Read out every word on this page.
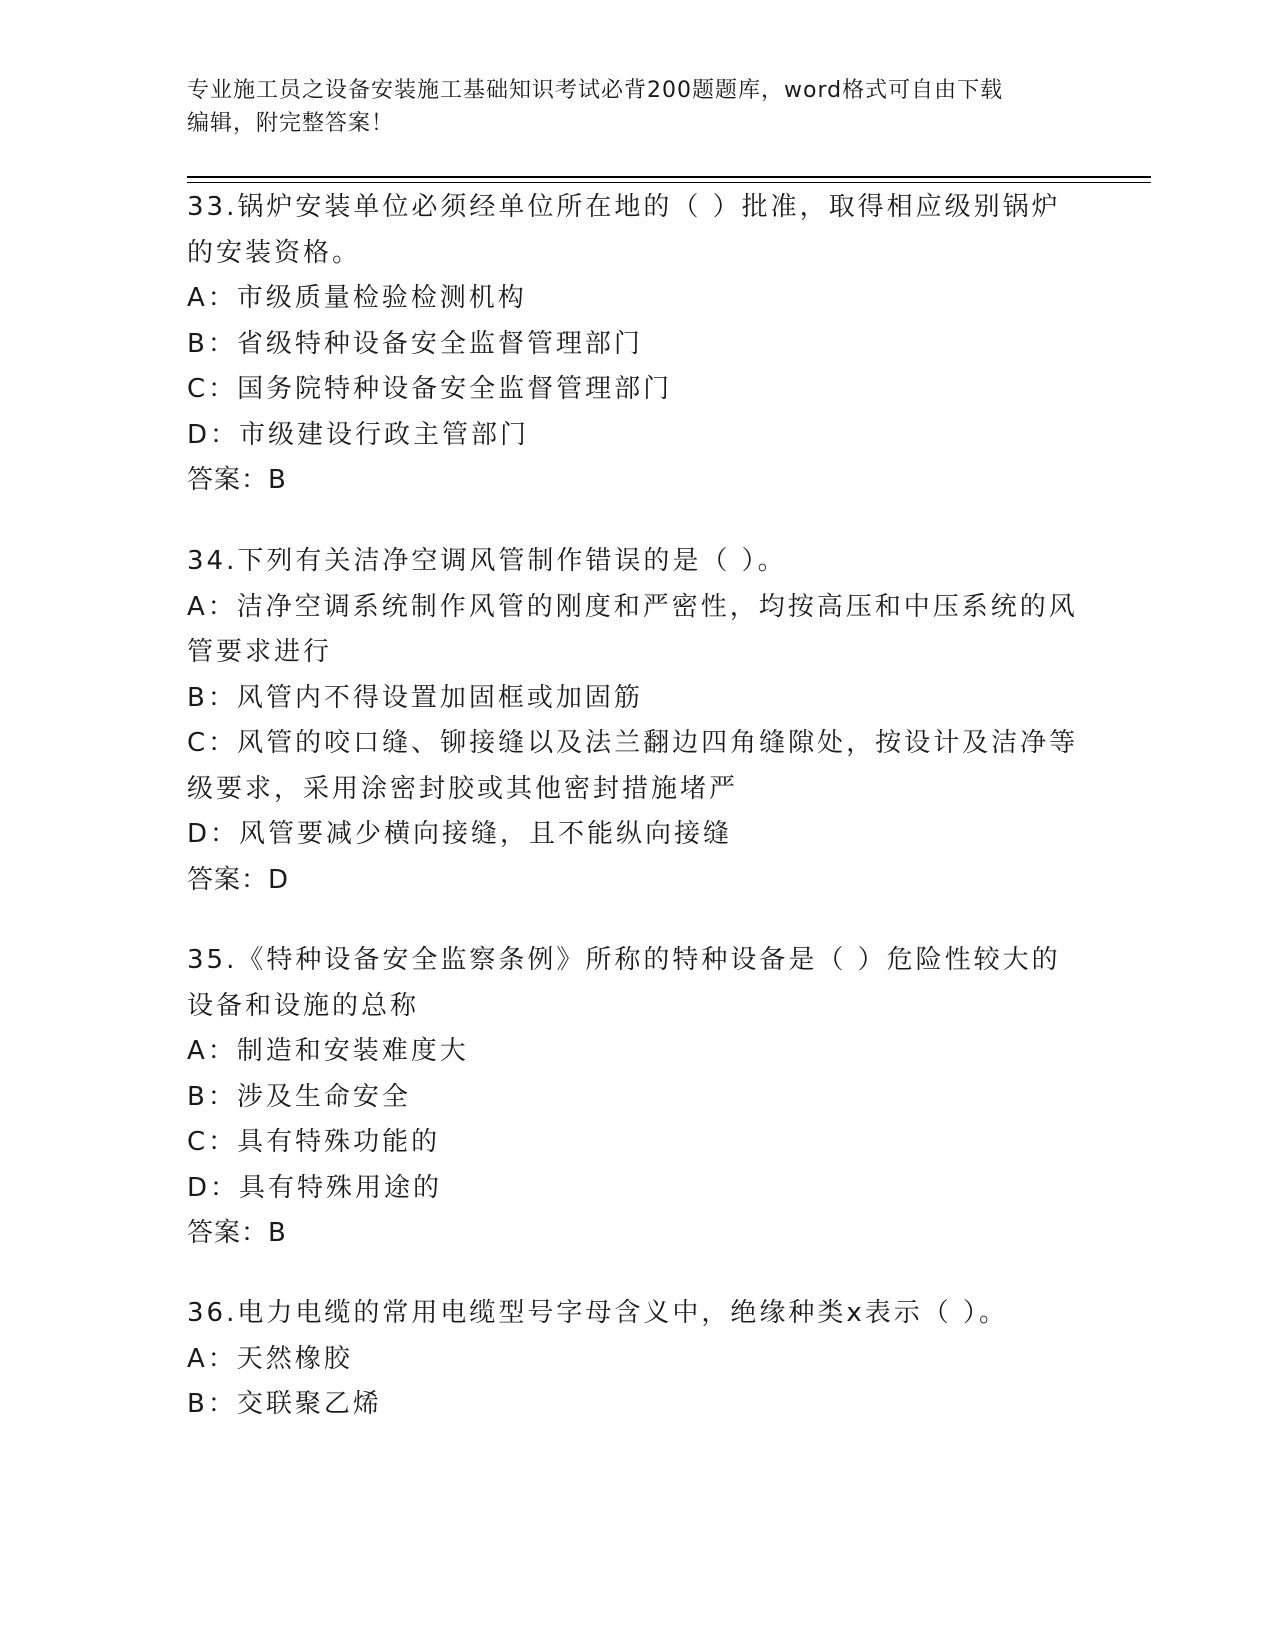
专业施工员之设备安装施工基础知识考试必背200题题库，word格式可自由下载
编辑，附完整答案！
33.锅炉安装单位必须经单位所在地的（ ）批准，取得相应级别锅炉
的安装资格。
A：市级质量检验检测机构
B：省级特种设备安全监督管理部门
C：国务院特种设备安全监督管理部门
D：市级建设行政主管部门
答案：B
34.下列有关洁净空调风管制作错误的是（ ）。
A：洁净空调系统制作风管的刚度和严密性，均按高压和中压系统的风
管要求进行
B：风管内不得设置加固框或加固筋
C：风管的咬口缝、铆接缝以及法兰翻边四角缝隙处，按设计及洁净等
级要求，采用涂密封胶或其他密封措施堵严
D：风管要减少横向接缝，且不能纵向接缝
答案：D
35.《特种设备安全监察条例》所称的特种设备是（ ）危险性较大的
设备和设施的总称
A：制造和安装难度大
B：涉及生命安全
C：具有特殊功能的
D：具有特殊用途的
答案：B
36.电力电缆的常用电缆型号字母含义中，绝缘种类x表示（ ）。
A：天然橡胶
B：交联聚乙烯
